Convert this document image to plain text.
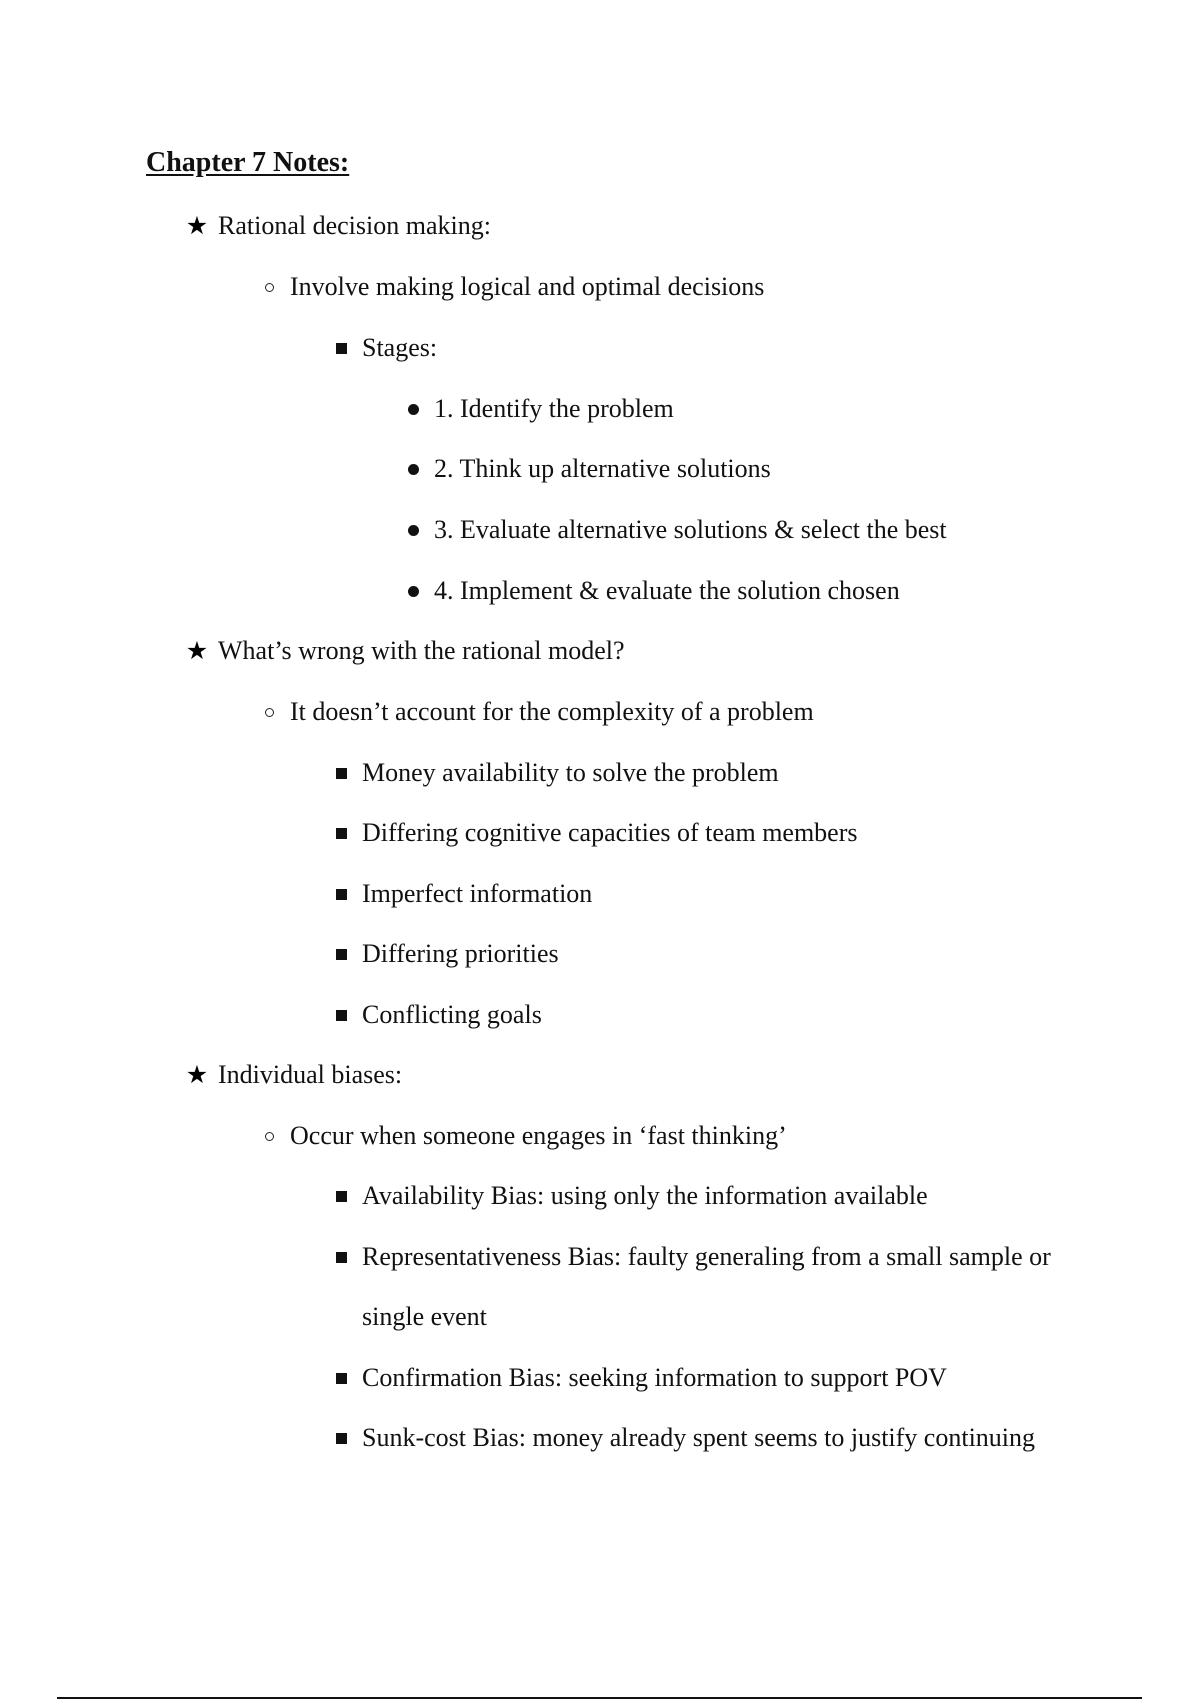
Chapter 7 Notes:
★ Rational decision making:
Involve making logical and optimal decisions
Stages:
1. Identify the problem
2. Think up alternative solutions
3. Evaluate alternative solutions & select the best
4. Implement & evaluate the solution chosen
★ What’s wrong with the rational model?
It doesn’t account for the complexity of a problem
Money availability to solve the problem
Differing cognitive capacities of team members
Imperfect information
Differing priorities
Conflicting goals
★ Individual biases:
Occur when someone engages in ‘fast thinking’
Availability Bias: using only the information available
Representativeness Bias: faulty generaling from a small sample or
single event
Confirmation Bias: seeking information to support POV
Sunk-cost Bias: money already spent seems to justify continuing
